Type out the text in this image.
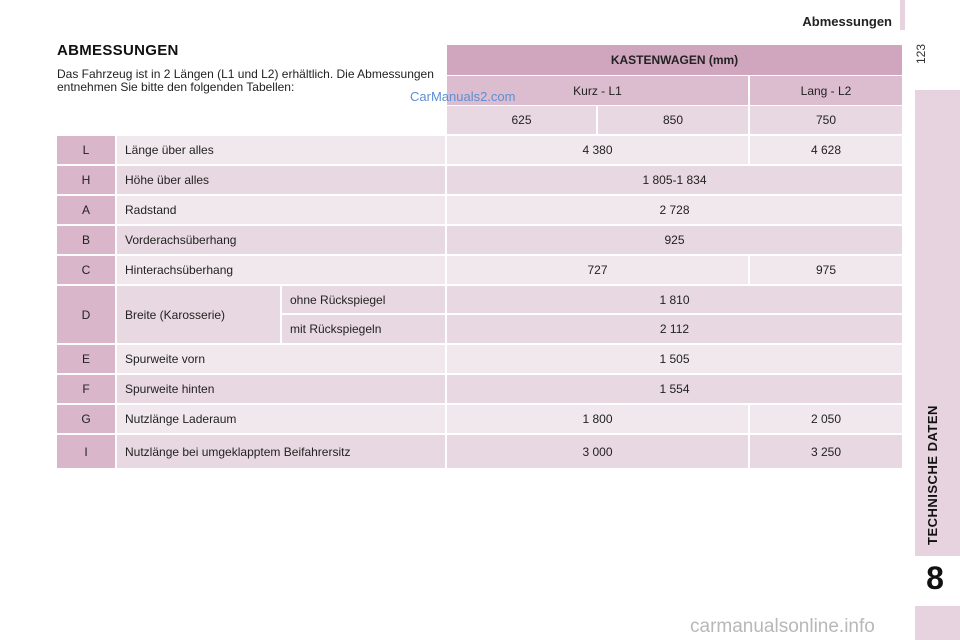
Abmessungen
123
TECHNISCHE DATEN
8
ABMESSUNGEN
Das Fahrzeug ist in 2 Längen (L1 und L2) erhältlich. Die Abmessungen entnehmen Sie bitte den folgenden Tabellen:
KASTENWAGEN (mm)
Kurz - L1	Lang - L2
625	850	750
L	Länge über alles	4 380	4 628
H	Höhe über alles	1 805-1 834
A	Radstand	2 728
B	Vorderachsüberhang	925
C	Hinterachsüberhang	727	975
D	Breite (Karosserie)
ohne Rückspiegel	1 810
mit Rückspiegeln	2 112
E	Spurweite vorn	1 505
F	Spurweite hinten	1 554
G	Nutzlänge Laderaum	1 800	2 050
I	Nutzlänge bei umgeklapptem Beifahrersitz	3 000	3 250
CarManuals2.com
carmanualsonline.info
